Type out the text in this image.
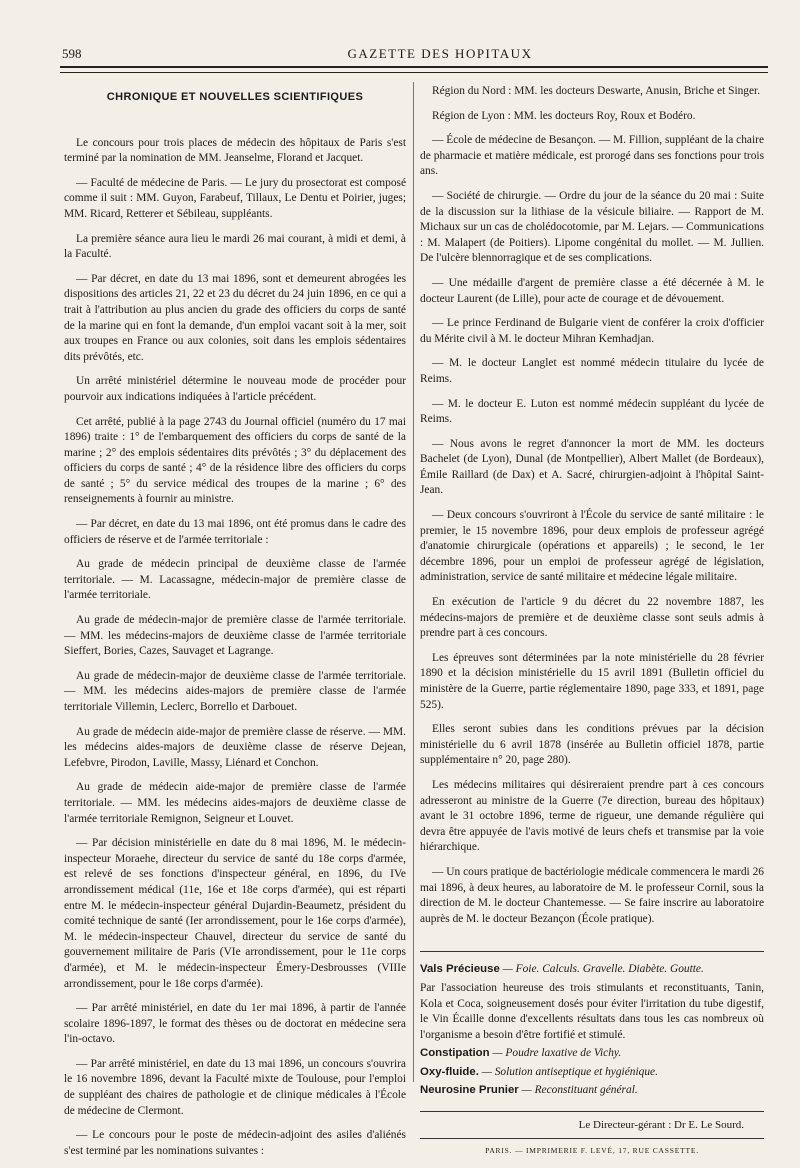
598	GAZETTE DES HOPITAUX
CHRONIQUE ET NOUVELLES SCIENTIFIQUES

Le concours pour trois places de médecin des hôpitaux de Paris s'est terminé par la nomination de MM. Jeanselme, Florand et Jacquet.

— Faculté de médecine de Paris. — Le jury du prosectorat est composé comme il suit : MM. Guyon, Farabeuf, Tillaux, Le Dentu et Poirier, juges; MM. Ricard, Retterer et Sébileau, suppléants.

La première séance aura lieu le mardi 26 mai courant, à midi et demi, à la Faculté.

— Par décret, en date du 13 mai 1896, sont et demeurent abrogées les dispositions des articles 21, 22 et 23 du décret du 24 juin 1896, en ce qui a trait à l'attribution au plus ancien du grade des officiers du corps de santé de la marine qui en font la demande, d'un emploi vacant soit à la mer, soit aux troupes en France ou aux colonies, soit dans les emplois sédentaires dits prévôtés, etc.

Un arrêté ministériel détermine le nouveau mode de procéder pour pourvoir aux indications indiquées à l'article précédent.

Cet arrêté, publié à la page 2743 du Journal officiel (numéro du 17 mai 1896) traite : 1° de l'embarquement des officiers du corps de santé de la marine ; 2° des emplois sédentaires dits prévôtés ; 3° du déplacement des officiers du corps de santé ; 4° de la résidence libre des officiers du corps de santé ; 5° du service médical des troupes de la marine ; 6° des renseignements à fournir au ministre.

— Par décret, en date du 13 mai 1896, ont été promus dans le cadre des officiers de réserve et de l'armée territoriale :

Au grade de médecin principal de deuxième classe de l'armée territoriale. — M. Lacassagne, médecin-major de première classe de l'armée territoriale.

Au grade de médecin-major de première classe de l'armée territoriale. — MM. les médecins-majors de deuxième classe de l'armée territoriale Sieffert, Bories, Cazes, Sauvaget et Lagrange.

Au grade de médecin-major de deuxième classe de l'armée territoriale. — MM. les médecins aides-majors de première classe de l'armée territoriale Villemin, Leclerc, Borrello et Darbouet.

Au grade de médecin aide-major de première classe de réserve. — MM. les médecins aides-majors de deuxième classe de réserve Dejean, Lefebvre, Pirodon, Laville, Massy, Liénard et Conchon.

Au grade de médecin aide-major de première classe de l'armée territoriale. — MM. les médecins aides-majors de deuxième classe de l'armée territoriale Remignon, Seigneur et Louvet.

— Par décision ministérielle en date du 8 mai 1896, M. le médecin-inspecteur Moraehe, directeur du service de santé du 18e corps d'armée, est relevé de ses fonctions d'inspecteur général, en 1896, du IVe arrondissement médical (11e, 16e et 18e corps d'armée), qui est réparti entre M. le médecin-inspecteur général Dujardin-Beaumetz, président du comité technique de santé (Ier arrondissement, pour le 16e corps d'armée), M. le médecin-inspecteur Chauvel, directeur du service de santé du gouvernement militaire de Paris (VIe arrondissement, pour le 11e corps d'armée), et M. le médecin-inspecteur Émery-Desbrousses (VIIIe arrondissement, pour le 18e corps d'armée).

— Par arrêté ministériel, en date du 1er mai 1896, à partir de l'année scolaire 1896-1897, le format des thèses ou de doctorat en médecine sera l'in-octavo.

— Par arrêté ministériel, en date du 13 mai 1896, un concours s'ouvrira le 16 novembre 1896, devant la Faculté mixte de Toulouse, pour l'emploi de suppléant des chaires de pathologie et de clinique médicales à l'École de médecine de Clermont.

— Le concours pour le poste de médecin-adjoint des asiles d'aliénés s'est terminé par les nominations suivantes :

Région du Nord : MM. les docteurs Deswarte, Anusin, Briche et Singer.

Région de Lyon : MM. les docteurs Roy, Roux et Bodéro.

— École de médecine de Besançon. — M. Fillion, suppléant de la chaire de pharmacie et matière médicale, est prorogé dans ses fonctions pour trois ans.

— Société de chirurgie. — Ordre du jour de la séance du 20 mai : Suite de la discussion sur la lithiase de la vésicule biliaire. — Rapport de M. Michaux sur un cas de cholédocotomie, par M. Lejars. — Communications : M. Malapert (de Poitiers). Lipome congénital du mollet. — M. Jullien. De l'ulcère blennorragique et de ses complications.

— Une médaille d'argent de première classe a été décernée à M. le docteur Laurent (de Lille), pour acte de courage et de dévouement.

— Le prince Ferdinand de Bulgarie vient de conférer la croix d'officier du Mérite civil à M. le docteur Mihran Kemhadjan.

— M. le docteur Langlet est nommé médecin titulaire du lycée de Reims.

— M. le docteur E. Luton est nommé médecin suppléant du lycée de Reims.

— Nous avons le regret d'annoncer la mort de MM. les docteurs Bachelet (de Lyon), Dunal (de Montpellier), Albert Mallet (de Bordeaux), Émile Raillard (de Dax) et A. Sacré, chirurgien-adjoint à l'hôpital Saint-Jean.

— Deux concours s'ouvriront à l'École du service de santé militaire : le premier, le 15 novembre 1896, pour deux emplois de professeur agrégé d'anatomie chirurgicale (opérations et appareils) ; le second, le 1er décembre 1896, pour un emploi de professeur agrégé de législation, administration, service de santé militaire et médecine légale militaire.

En exécution de l'article 9 du décret du 22 novembre 1887, les médecins-majors de première et de deuxième classe sont seuls admis à prendre part à ces concours.

Les épreuves sont déterminées par la note ministérielle du 28 février 1890 et la décision ministérielle du 15 avril 1891 (Bulletin officiel du ministère de la Guerre, partie réglementaire 1890, page 333, et 1891, page 525).

Elles seront subies dans les conditions prévues par la décision ministérielle du 6 avril 1878 (insérée au Bulletin officiel 1878, partie supplémentaire n° 20, page 280).

Les médecins militaires qui désireraient prendre part à ces concours adresseront au ministre de la Guerre (7e direction, bureau des hôpitaux) avant le 31 octobre 1896, terme de rigueur, une demande régulière qui devra être appuyée de l'avis motivé de leurs chefs et transmise par la voie hiérarchique.

— Un cours pratique de bactériologie médicale commencera le mardi 26 mai 1896, à deux heures, au laboratoire de M. le professeur Cornil, sous la direction de M. le docteur Chantemesse. — Se faire inscrire au laboratoire auprès de M. le docteur Bezançon (École pratique).

Vals Précieuse — Foie. Calculs. Gravelle. Diabète. Goutte.

Par l'association heureuse des trois stimulants et reconstituants, Tanin, Kola et Coca, soigneusement dosés pour éviter l'irritation du tube digestif, le Vin Écaille donne d'excellents résultats dans tous les cas nombreux où l'organisme a besoin d'être fortifié et stimulé.

Constipation — Poudre laxative de Vichy.

Oxy-fluide. — Solution antiseptique et hygiénique.

Neurosine Prunier — Reconstituant général.

Le Directeur-gérant : Dr E. Le Sourd.
PARIS. — IMPRIMERIE F. LEVÉ, 17, RUE CASSETTE.
